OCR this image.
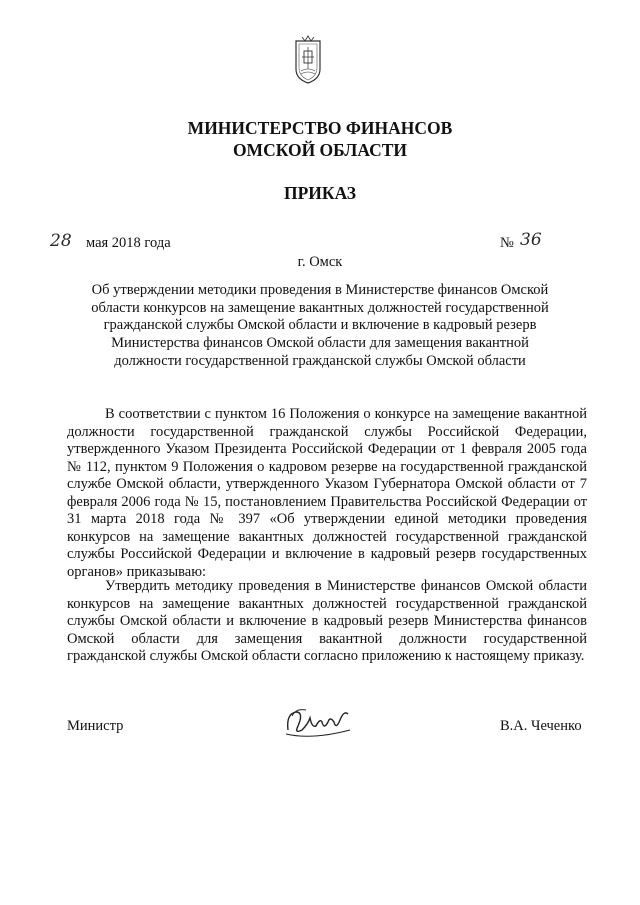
МИНИСТЕРСТВО ФИНАНСОВ
ОМСКОЙ ОБЛАСТИ
ПРИКАЗ
28 мая 2018 года	№ 36
г. Омск
Об утверждении методики проведения в Министерстве финансов Омской области конкурсов на замещение вакантных должностей государственной гражданской службы Омской области и включение в кадровый резерв Министерства финансов Омской области для замещения вакантной должности государственной гражданской службы Омской области

В соответствии с пунктом 16 Положения о конкурсе на замещение вакантной должности государственной гражданской службы Российской Федерации, утвержденного Указом Президента Российской Федерации от 1 февраля 2005 года № 112, пунктом 9 Положения о кадровом резерве на государственной гражданской службе Омской области, утвержденного Указом Губернатора Омской области от 7 февраля 2006 года № 15, постановлением Правительства Российской Федерации от 31 марта 2018 года № 397 «Об утверждении единой методики проведения конкурсов на замещение вакантных должностей государственной гражданской службы Российской Федерации и включение в кадровый резерв государственных органов» приказываю:

Утвердить методику проведения в Министерстве финансов Омской области конкурсов на замещение вакантных должностей государственной гражданской службы Омской области и включение в кадровый резерв Министерства финансов Омской области для замещения вакантной должности государственной гражданской службы Омской области согласно приложению к настоящему приказу.

Министр	В.А. Чеченко
